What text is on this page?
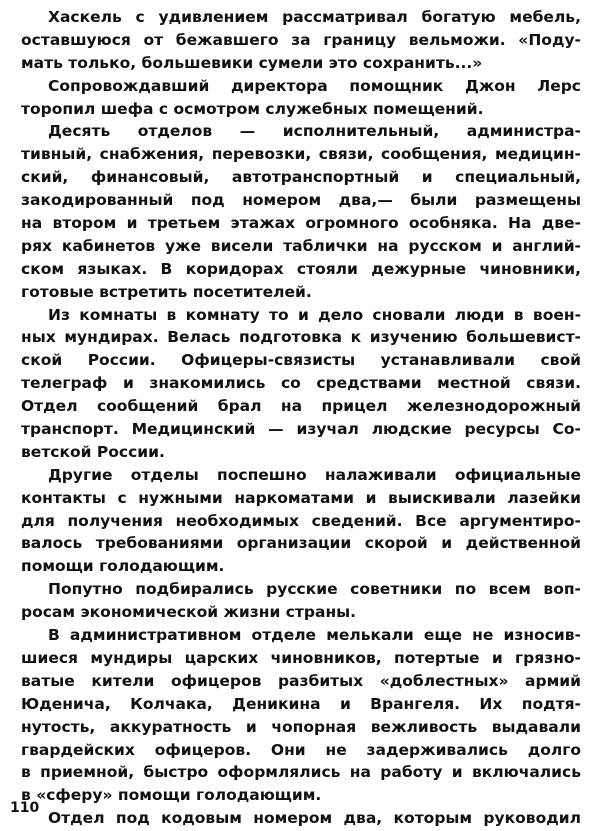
Хаскель с удивлением рассматривал богатую мебель,
оставшуюся от бежавшего за границу вельможи. «Поду-
мать только, большевики сумели это сохранить...»
Сопровождавший директора помощник Джон Лерс
торопил шефа с осмотром служебных помещений.
Десять отделов — исполнительный, администра-
тивный, снабжения, перевозки, связи, сообщения, медицин-
ский, финансовый, автотранспортный и специальный,
закодированный под номером два,— были размещены
на втором и третьем этажах огромного особняка. На две-
рях кабинетов уже висели таблички на русском и англий-
ском языках. В коридорах стояли дежурные чиновники,
готовые встретить посетителей.
Из комнаты в комнату то и дело сновали люди в воен-
ных мундирах. Велась подготовка к изучению большевист-
ской России. Офицеры-связисты устанавливали свой
телеграф и знакомились со средствами местной связи.
Отдел сообщений брал на прицел железнодорожный
транспорт. Медицинский — изучал людские ресурсы Со-
ветской России.
Другие отделы поспешно налаживали официальные
контакты с нужными наркоматами и выискивали лазейки
для получения необходимых сведений. Все аргументиро-
валось требованиями организации скорой и действенной
помощи голодающим.
Попутно подбирались русские советники по всем воп-
росам экономической жизни страны.
В административном отделе мелькали еще не износив-
шиеся мундиры царских чиновников, потертые и грязно-
ватые кители офицеров разбитых «доблестных» армий
Юденича, Колчака, Деникина и Врангеля. Их подтя-
нутость, аккуратность и чопорная вежливость выдавали
гвардейских офицеров. Они не задерживались долго
в приемной, быстро оформлялись на работу и включались
в «сферу» помощи голодающим.
Отдел под кодовым номером два, которым руководил
110
